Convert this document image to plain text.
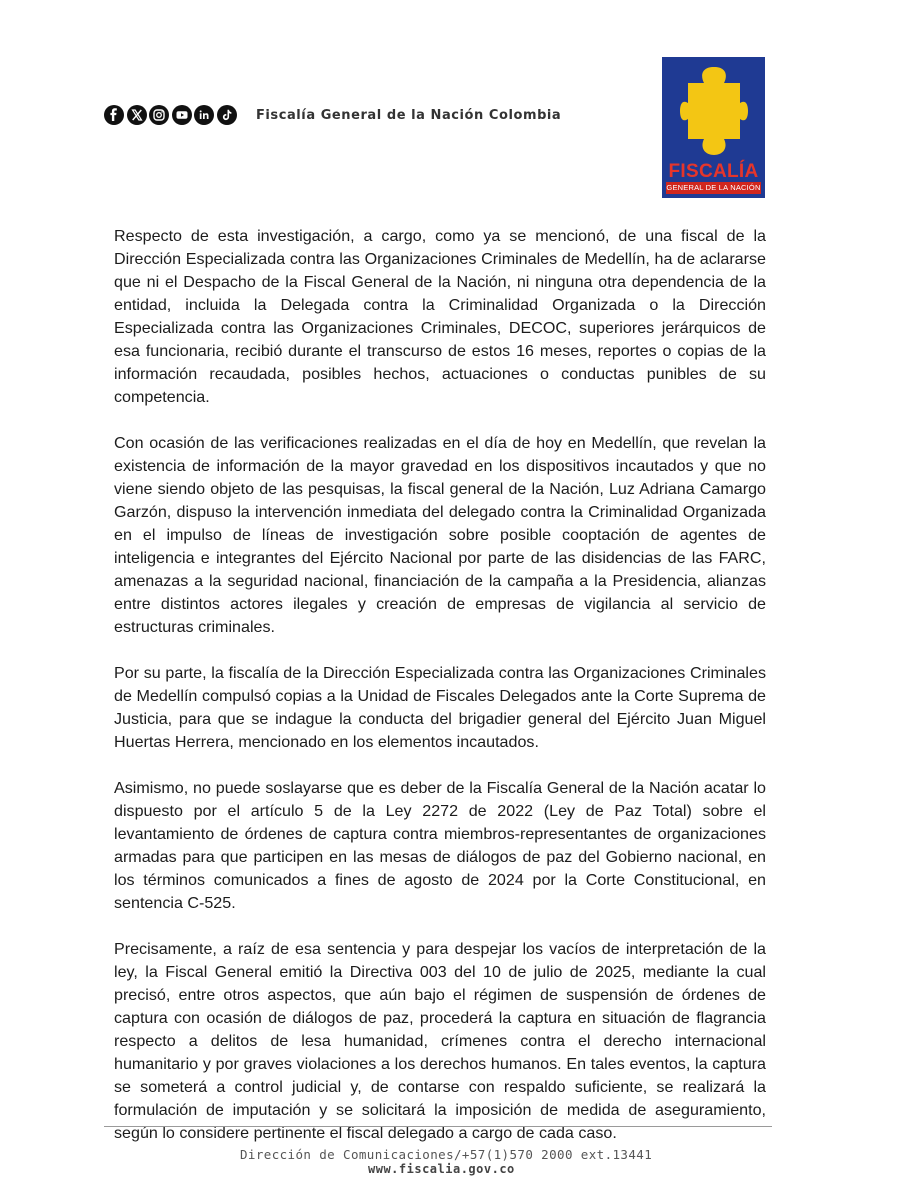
Fiscalía General de la Nación Colombia
FISCALÍA
GENERAL DE LA NACIÓN

Respecto de esta investigación, a cargo, como ya se mencionó, de una fiscal de la Dirección Especializada contra las Organizaciones Criminales de Medellín, ha de aclararse que ni el Despacho de la Fiscal General de la Nación, ni ninguna otra dependencia de la entidad, incluida la Delegada contra la Criminalidad Organizada o la Dirección Especializada contra las Organizaciones Criminales, DECOC, superiores jerárquicos de esa funcionaria, recibió durante el transcurso de estos 16 meses, reportes o copias de la información recaudada, posibles hechos, actuaciones o conductas punibles de su competencia.

Con ocasión de las verificaciones realizadas en el día de hoy en Medellín, que revelan la existencia de información de la mayor gravedad en los dispositivos incautados y que no viene siendo objeto de las pesquisas, la fiscal general de la Nación, Luz Adriana Camargo Garzón, dispuso la intervención inmediata del delegado contra la Criminalidad Organizada en el impulso de líneas de investigación sobre posible cooptación de agentes de inteligencia e integrantes del Ejército Nacional por parte de las disidencias de las FARC, amenazas a la seguridad nacional, financiación de la campaña a la Presidencia, alianzas entre distintos actores ilegales y creación de empresas de vigilancia al servicio de estructuras criminales.

Por su parte, la fiscalía de la Dirección Especializada contra las Organizaciones Criminales de Medellín compulsó copias a la Unidad de Fiscales Delegados ante la Corte Suprema de Justicia, para que se indague la conducta del brigadier general del Ejército Juan Miguel Huertas Herrera, mencionado en los elementos incautados.

Asimismo, no puede soslayarse que es deber de la Fiscalía General de la Nación acatar lo dispuesto por el artículo 5 de la Ley 2272 de 2022 (Ley de Paz Total) sobre el levantamiento de órdenes de captura contra miembros-representantes de organizaciones armadas para que participen en las mesas de diálogos de paz del Gobierno nacional, en los términos comunicados a fines de agosto de 2024 por la Corte Constitucional, en sentencia C-525.

Precisamente, a raíz de esa sentencia y para despejar los vacíos de interpretación de la ley, la Fiscal General emitió la Directiva 003 del 10 de julio de 2025, mediante la cual precisó, entre otros aspectos, que aún bajo el régimen de suspensión de órdenes de captura con ocasión de diálogos de paz, procederá la captura en situación de flagrancia respecto a delitos de lesa humanidad, crímenes contra el derecho internacional humanitario y por graves violaciones a los derechos humanos. En tales eventos, la captura se someterá a control judicial y, de contarse con respaldo suficiente, se realizará la formulación de imputación y se solicitará la imposición de medida de aseguramiento, según lo considere pertinente el fiscal delegado a cargo de cada caso.

Dirección de Comunicaciones/+57(1)570 2000 ext.13441
www.fiscalia.gov.co
